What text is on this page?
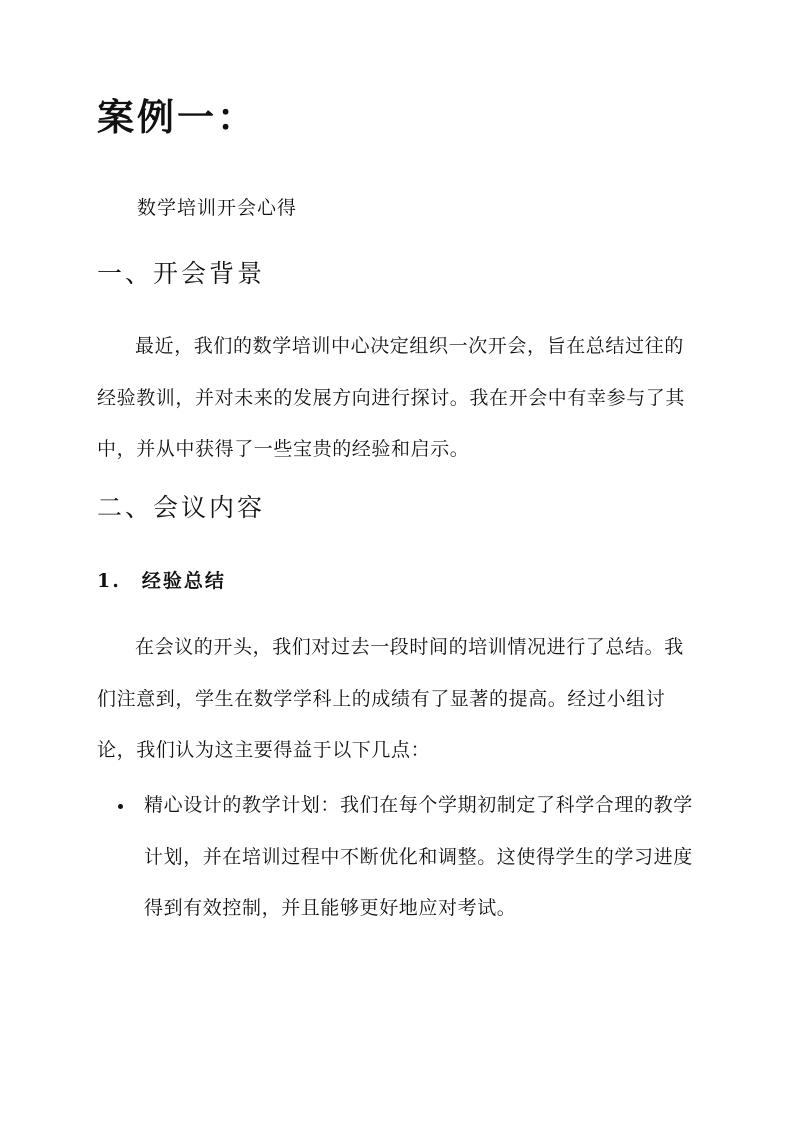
案例一：

数学培训开会心得

一、开会背景

最近，我们的数学培训中心决定组织一次开会，旨在总结过往的经验教训，并对未来的发展方向进行探讨。我在开会中有幸参与了其中，并从中获得了一些宝贵的经验和启示。

二、会议内容
1.　经验总结

在会议的开头，我们对过去一段时间的培训情况进行了总结。我们注意到，学生在数学学科上的成绩有了显著的提高。经过小组讨论，我们认为这主要得益于以下几点：

精心设计的教学计划：我们在每个学期初制定了科学合理的教学计划，并在培训过程中不断优化和调整。这使得学生的学习进度得到有效控制，并且能够更好地应对考试。
